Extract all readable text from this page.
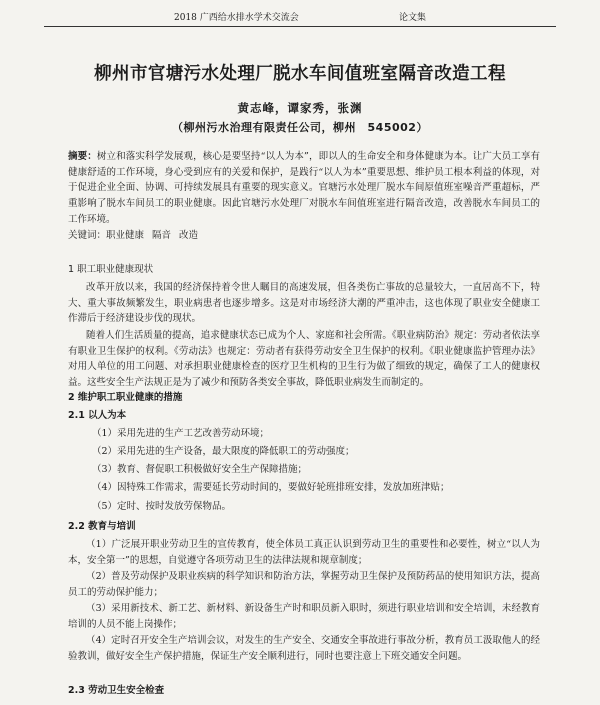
2018 广西给水排水学术交流会	论文集
柳州市官塘污水处理厂脱水车间值班室隔音改造工程
黄志峰，谭家秀，张渊
（柳州污水治理有限责任公司，柳州　545002）
摘要：树立和落实科学发展观，核心是要坚持“以人为本”，即以人的生命安全和身体健康为本。让广大员工享有健康舒适的工作环境，身心受到应有的关爱和保护，是践行“以人为本”重要思想、维护员工根本利益的体现，对于促进企业全面、协调、可持续发展具有重要的现实意义。官塘污水处理厂脱水车间原值班室噪音严重超标，严重影响了脱水车间员工的职业健康。因此官塘污水处理厂对脱水车间值班室进行隔音改造，改善脱水车间员工的工作环境。
关键词：职业健康 隔音 改造
1 职工职业健康现状
改革开放以来，我国的经济保持着令世人瞩目的高速发展，但各类伤亡事故的总量较大，一直居高不下，特大、重大事故频繁发生，职业病患者也逐步增多。这是对市场经济大潮的严重冲击，这也体现了职业安全健康工作滞后于经济建设步伐的现状。
随着人们生活质量的提高，追求健康状态已成为个人、家庭和社会所需。《职业病防治》规定：劳动者依法享有职业卫生保护的权利。《劳动法》也规定：劳动者有获得劳动安全卫生保护的权利。《职业健康监护管理办法》对用人单位的用工问题、对承担职业健康检查的医疗卫生机构的卫生行为做了细致的规定，确保了工人的健康权益。这些安全生产法规正是为了减少和预防各类安全事故，降低职业病发生而制定的。
2 维护职工职业健康的措施
2.1 以人为本
（1）采用先进的生产工艺改善劳动环境；
（2）采用先进的生产设备，最大限度的降低职工的劳动强度；
（3）教育、督促职工积极做好安全生产保障措施；
（4）因特殊工作需求，需要延长劳动时间的，要做好轮班排班安排，发放加班津贴；
（5）定时、按时发放劳保物品。
2.2 教育与培训
（1）广泛展开职业劳动卫生的宣传教育，使全体员工真正认识到劳动卫生的重要性和必要性，树立“以人为本，安全第一”的思想，自觉遵守各项劳动卫生的法律法规和规章制度；
（2）普及劳动保护及职业疾病的科学知识和防治方法，掌握劳动卫生保护及预防药品的使用知识方法，提高员工的劳动保护能力；
（3）采用新技术、新工艺、新材料、新设备生产时和职员新入职时，须进行职业培训和安全培训，未经教育培训的人员不能上岗操作；
（4）定时召开安全生产培训会议，对发生的生产安全、交通安全事故进行事故分析，教育员工汲取他人的经验教训，做好安全生产保护措施，保证生产安全顺利进行，同时也要注意上下班交通安全问题。
2.3 劳动卫生安全检查
